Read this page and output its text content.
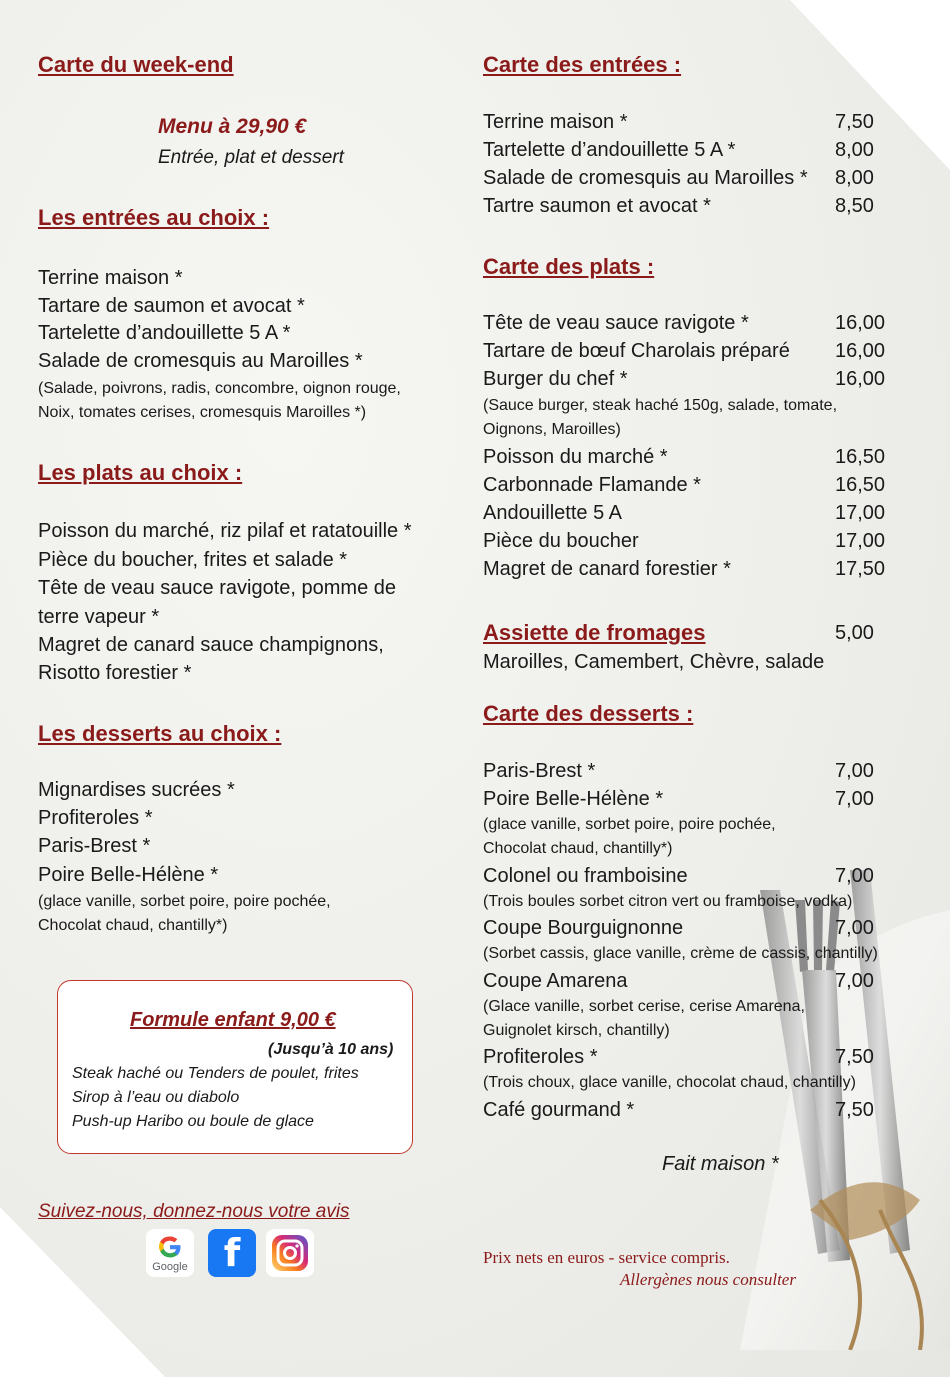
Carte du week-end
Menu à 29,90 €
Entrée, plat et dessert
Les entrées au choix :
Terrine maison *
Tartare de saumon et avocat *
Tartelette d’andouillette 5 A *
Salade de cromesquis au Maroilles *
(Salade, poivrons, radis, concombre, oignon rouge,
Noix, tomates cerises, cromesquis Maroilles *)
Les plats au choix :
Poisson du marché, riz pilaf et ratatouille *
Pièce du boucher, frites et salade *
Tête de veau sauce ravigote, pomme de
terre vapeur *
Magret de canard sauce champignons,
Risotto forestier *
Les desserts au choix :
Mignardises sucrées *
Profiteroles *
Paris-Brest *
Poire Belle-Hélène *
(glace vanille, sorbet poire, poire pochée,
Chocolat chaud, chantilly*)
Formule enfant 9,00 €
(Jusqu’à 10 ans)
Steak haché ou Tenders de poulet, frites
Sirop à l’eau ou diabolo
Push-up Haribo ou boule de glace
Suivez-nous, donnez-nous votre avis
Google f
Carte des entrées :
Terrine maison *	7,50
Tartelette d’andouillette 5 A *	8,00
Salade de cromesquis au Maroilles * 8,00
Tartre saumon et avocat *	8,50
Carte des plats :
Tête de veau sauce ravigote *	16,00
Tartare de bœuf Charolais préparé 16,00
Burger du chef *	16,00
(Sauce burger, steak haché 150g, salade, tomate,
Oignons, Maroilles)
Poisson du marché *	16,50
Carbonnade Flamande *	16,50
Andouillette 5 A	17,00
Pièce du boucher	17,00
Magret de canard forestier *	17,50
Assiette de fromages	5,00
Maroilles, Camembert, Chèvre, salade
Carte des desserts :
Paris-Brest *	7,00
Poire Belle-Hélène *	7,00
(glace vanille, sorbet poire, poire pochée,
Chocolat chaud, chantilly*)
Colonel ou framboisine	7,00
(Trois boules sorbet citron vert ou framboise, vodka)
Coupe Bourguignonne	7,00
(Sorbet cassis, glace vanille, crème de cassis, chantilly)
Coupe Amarena	7,00
(Glace vanille, sorbet cerise, cerise Amarena,
Guignolet kirsch, chantilly)
Profiteroles *	7,50
(Trois choux, glace vanille, chocolat chaud, chantilly)
Café gourmand *	7,50
Fait maison *
Prix nets en euros - service compris.
Allergènes nous consulter
